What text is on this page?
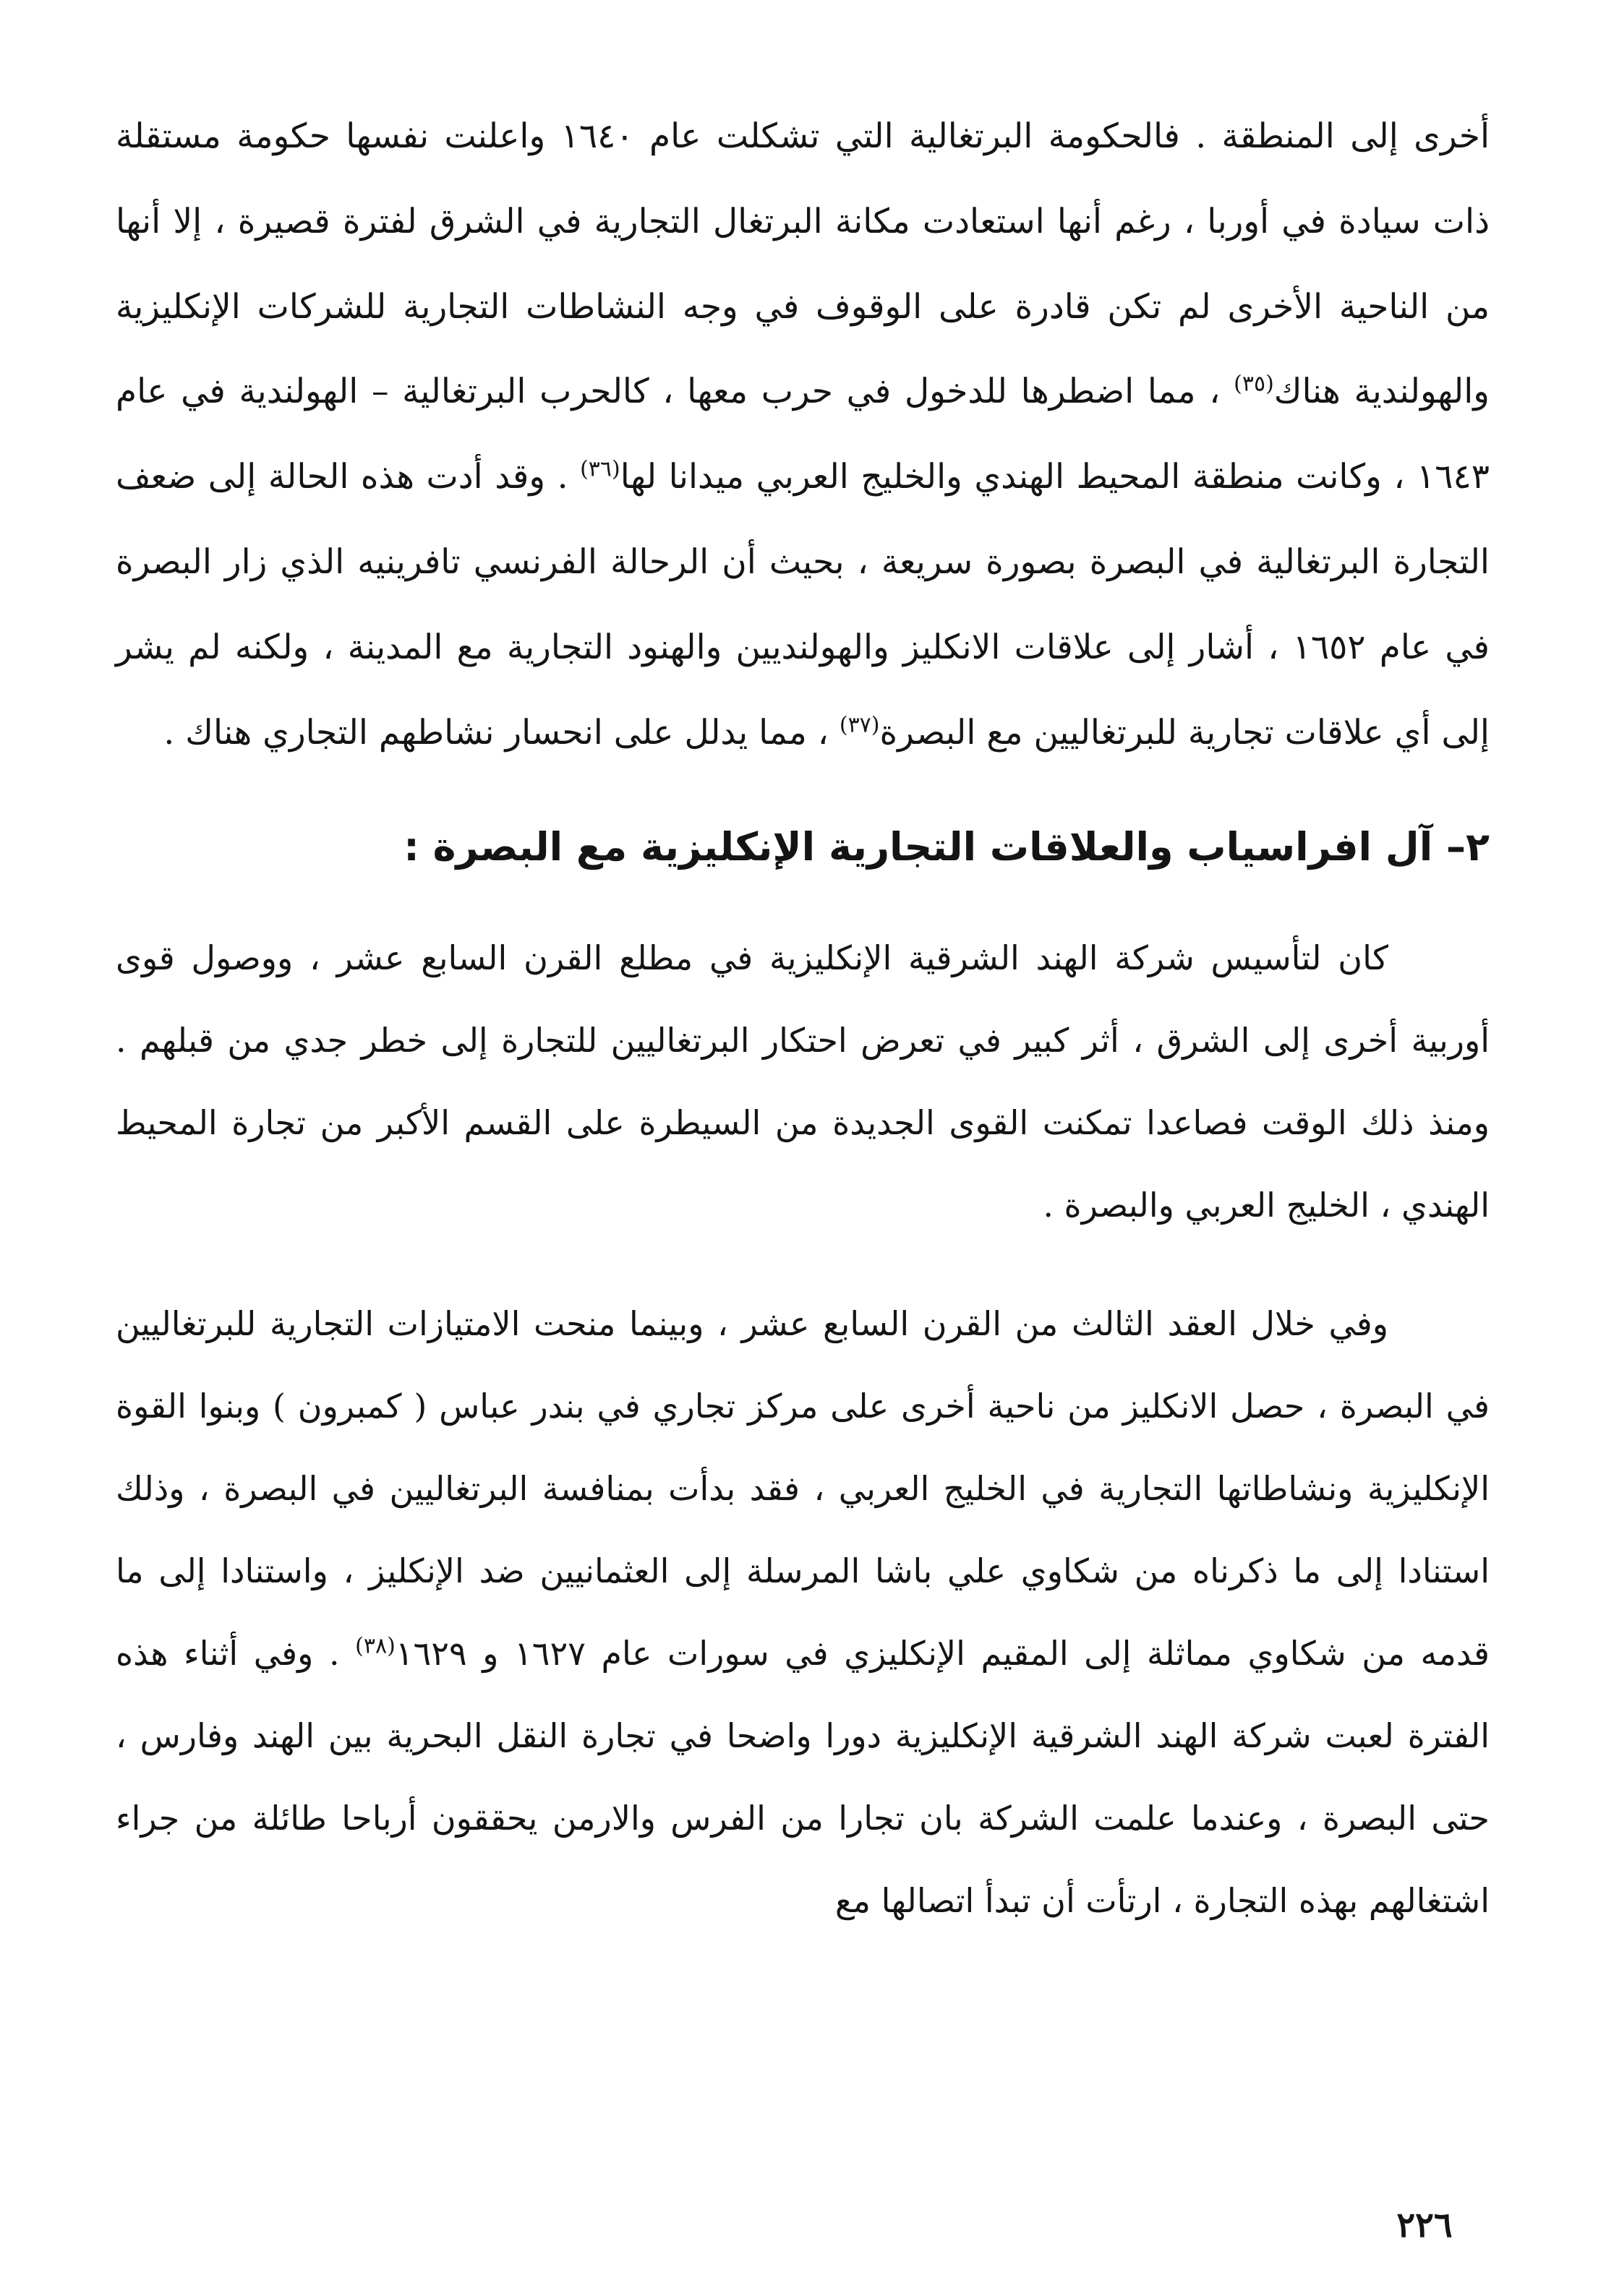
أخرى إلى المنطقة . فالحكومة البرتغالية التي تشكلت عام ١٦٤٠ واعلنت نفسها حكومة مستقلة ذات سيادة في أوربا ، رغم أنها استعادت مكانة البرتغال التجارية في الشرق لفترة قصيرة ، إلا أنها من الناحية الأخرى لم تكن قادرة على الوقوف في وجه النشاطات التجارية للشركات الإنكليزية والهولندية هناك$^{(٣٥)}$ ، مما اضطرها للدخول في حرب معها ، كالحرب البرتغالية – الهولندية في عام ١٦٤٣ ، وكانت منطقة المحيط الهندي والخليج العربي ميدانا لها$^{(٣٦)}$ . وقد أدت هذه الحالة إلى ضعف التجارة البرتغالية في البصرة بصورة سريعة ، بحيث أن الرحالة الفرنسي تافرينيه الذي زار البصرة في عام ١٦٥٢ ، أشار إلى علاقات الانكليز والهولنديين والهنود التجارية مع المدينة ، ولكنه لم يشر إلى أي علاقات تجارية للبرتغاليين مع البصرة$^{(٣٧)}$ ، مما يدلل على انحسار نشاطهم التجاري هناك .

٢– آل افراسياب والعلاقات التجارية الإنكليزية مع البصرة :

كان لتأسيس شركة الهند الشرقية الإنكليزية في مطلع القرن السابع عشر ، ووصول قوى أوربية أخرى إلى الشرق ، أثر كبير في تعرض احتكار البرتغاليين للتجارة إلى خطر جدي من قبلهم . ومنذ ذلك الوقت فصاعدا تمكنت القوى الجديدة من السيطرة على القسم الأكبر من تجارة المحيط الهندي ، الخليج العربي والبصرة .

وفي خلال العقد الثالث من القرن السابع عشر ، وبينما منحت الامتيازات التجارية للبرتغاليين في البصرة ، حصل الانكليز من ناحية أخرى على مركز تجاري في بندر عباس ( كمبرون ) وبنوا القوة الإنكليزية ونشاطاتها التجارية في الخليج العربي ، فقد بدأت بمنافسة البرتغاليين في البصرة ، وذلك استنادا إلى ما ذكرناه من شكاوي علي باشا المرسلة إلى العثمانيين ضد الإنكليز ، واستنادا إلى ما قدمه من شكاوي مماثلة إلى المقيم الإنكليزي في سورات عام ١٦٢٧ و ١٦٢٩$^{(٣٨)}$ . وفي أثناء هذه الفترة لعبت شركة الهند الشرقية الإنكليزية دورا واضحا في تجارة النقل البحرية بين الهند وفارس ، حتى البصرة ، وعندما علمت الشركة بان تجارا من الفرس والارمن يحققون أرباحا طائلة من جراء اشتغالهم بهذه التجارة ، ارتأت أن تبدأ اتصالها مع

٢٢٦
